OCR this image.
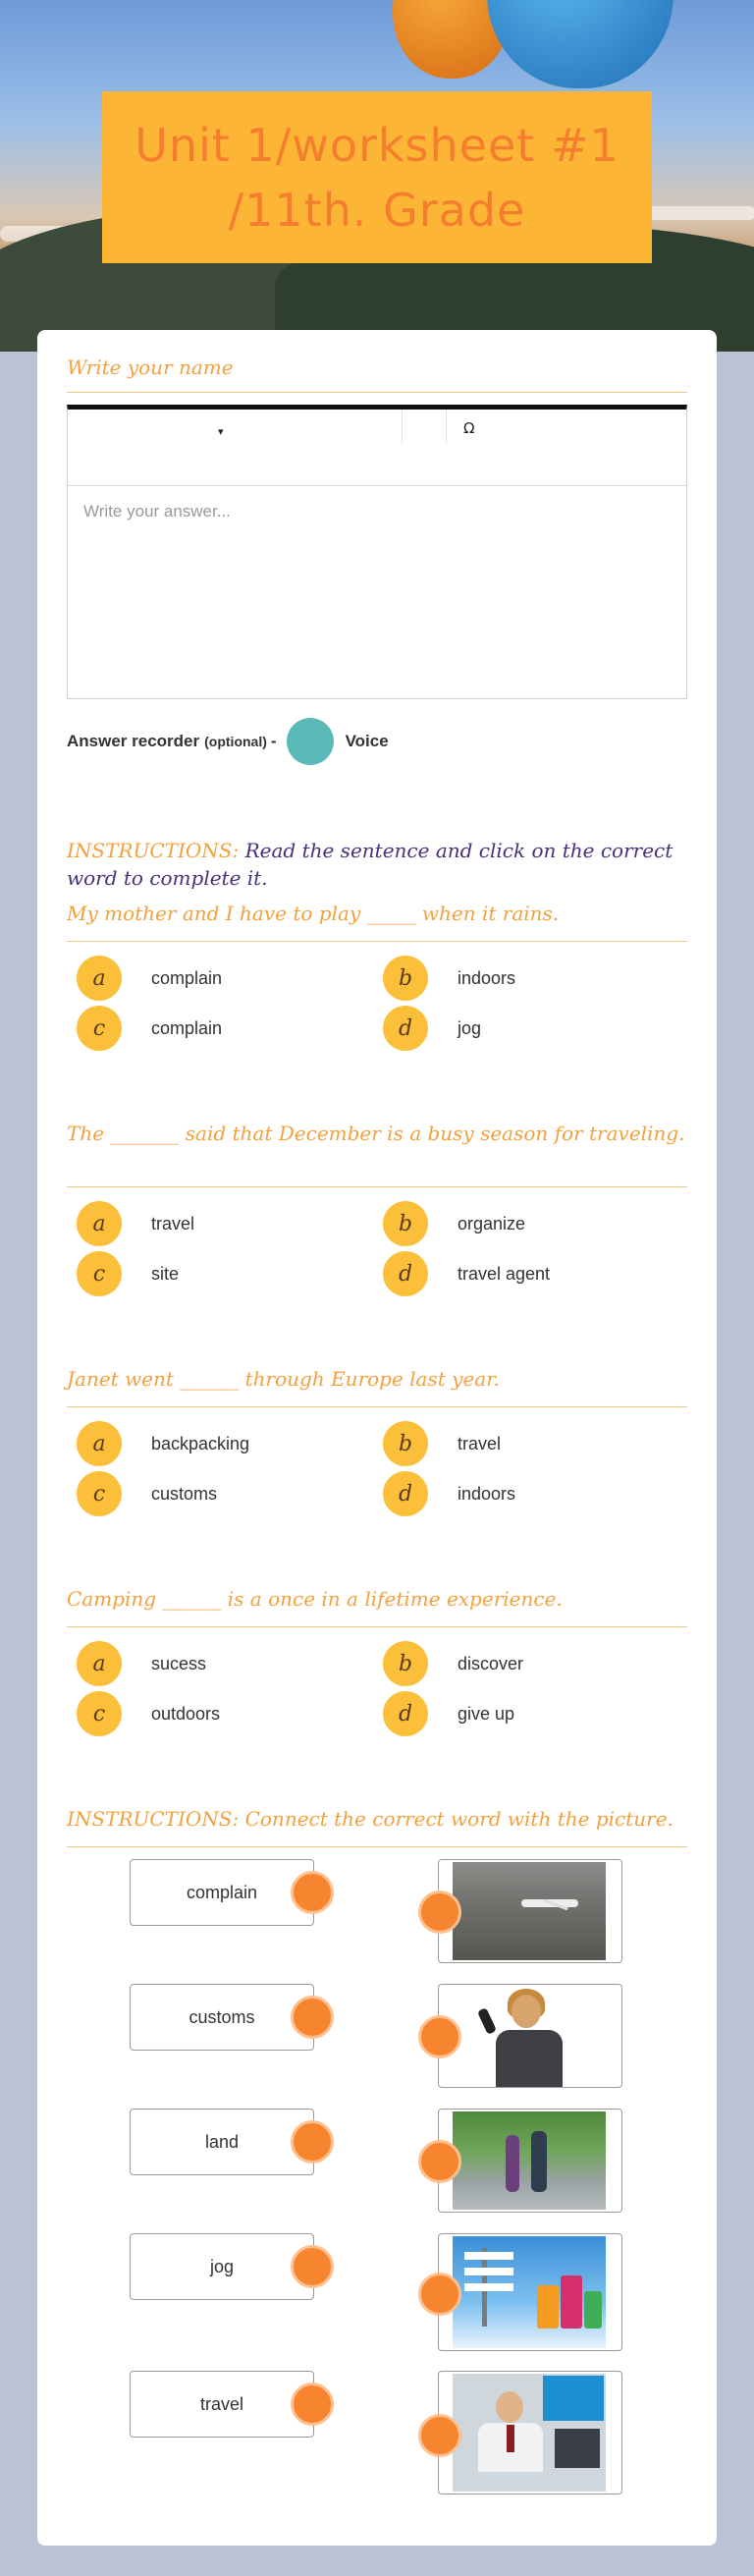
Unit 1/worksheet #1 /11th. Grade
Write your name
▾	Ω
Write your answer...
Answer recorder (optional) -	Voice
INSTRUCTIONS: Read the sentence and click on the correct word to complete it.
My mother and I have to play _____ when it rains.
a	complain	b	indoors
c	complain	d	jog
The _______ said that December is a busy season for traveling.
a	travel	b	organize
c	site	d	travel agent
Janet went ______ through Europe last year.
a	backpacking	b	travel
c	customs	d	indoors
Camping ______ is a once in a lifetime experience.
a	sucess	b	discover
c	outdoors	d	give up
INSTRUCTIONS: Connect the correct word with the picture.
complain
customs
land
jog
travel
